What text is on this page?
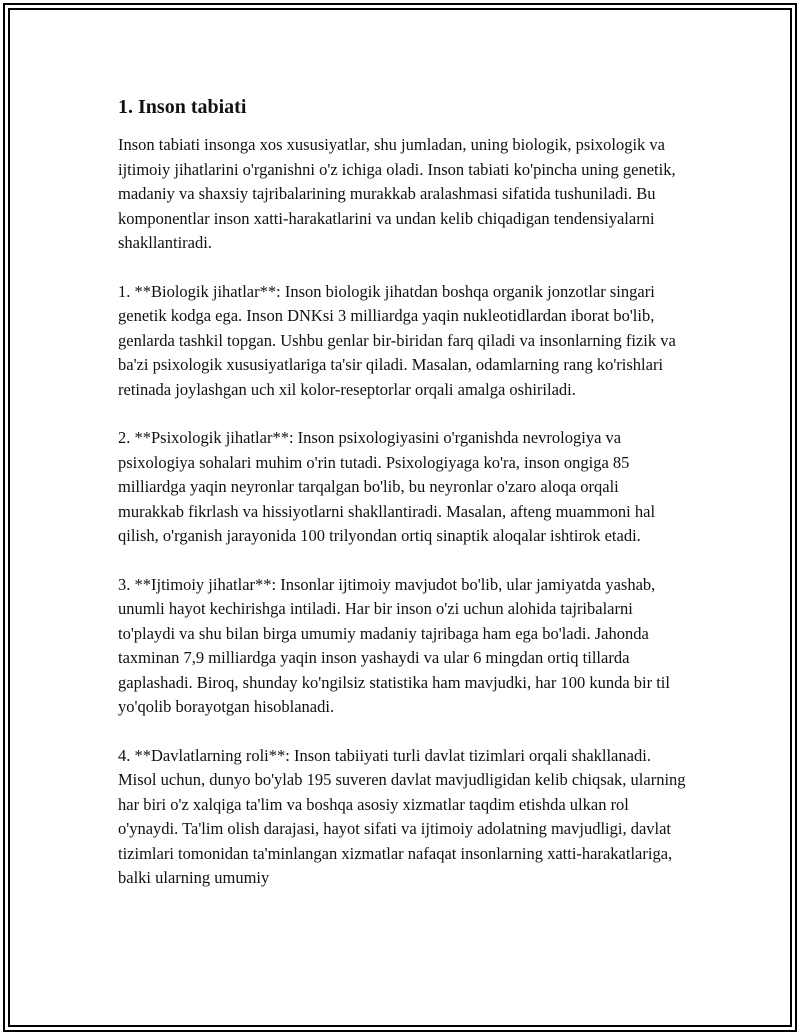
1. Inson tabiati

Inson tabiati insonga xos xususiyatlar, shu jumladan, uning biologik, psixologik va ijtimoiy jihatlarini o'rganishni o'z ichiga oladi. Inson tabiati ko'pincha uning genetik, madaniy va shaxsiy tajribalarining murakkab aralashmasi sifatida tushuniladi. Bu komponentlar inson xatti-harakatlarini va undan kelib chiqadigan tendensiyalarni shakllantiradi.

1. **Biologik jihatlar**: Inson biologik jihatdan boshqa organik jonzotlar singari genetik kodga ega. Inson DNKsi 3 milliardga yaqin nukleotidlardan iborat bo'lib, genlarda tashkil topgan. Ushbu genlar bir-biridan farq qiladi va insonlarning fizik va ba'zi psixologik xususiyatlariga ta'sir qiladi. Masalan, odamlarning rang ko'rishlari retinada joylashgan uch xil kolor-reseptorlar orqali amalga oshiriladi.

2. **Psixologik jihatlar**: Inson psixologiyasini o'rganishda nevrologiya va psixologiya sohalari muhim o'rin tutadi. Psixologiyaga ko'ra, inson ongiga 85 milliardga yaqin neyronlar tarqalgan bo'lib, bu neyronlar o'zaro aloqa orqali murakkab fikrlash va hissiyotlarni shakllantiradi. Masalan, afteng muammoni hal qilish, o'rganish jarayonida 100 trilyondan ortiq sinaptik aloqalar ishtirok etadi.

3. **Ijtimoiy jihatlar**: Insonlar ijtimoiy mavjudot bo'lib, ular jamiyatda yashab, unumli hayot kechirishga intiladi. Har bir inson o'zi uchun alohida tajribalarni to'playdi va shu bilan birga umumiy madaniy tajribaga ham ega bo'ladi. Jahonda taxminan 7,9 milliardga yaqin inson yashaydi va ular 6 mingdan ortiq tillarda gaplashadi. Biroq, shunday ko'ngilsiz statistika ham mavjudki, har 100 kunda bir til yo'qolib borayotgan hisoblanadi.

4. **Davlatlarning roli**: Inson tabiiyati turli davlat tizimlari orqali shakllanadi. Misol uchun, dunyo bo'ylab 195 suveren davlat mavjudligidan kelib chiqsak, ularning har biri o'z xalqiga ta'lim va boshqa asosiy xizmatlar taqdim etishda ulkan rol o'ynaydi. Ta'lim olish darajasi, hayot sifati va ijtimoiy adolatning mavjudligi, davlat tizimlari tomonidan ta'minlangan xizmatlar nafaqat insonlarning xatti-harakatlariga, balki ularning umumiy
